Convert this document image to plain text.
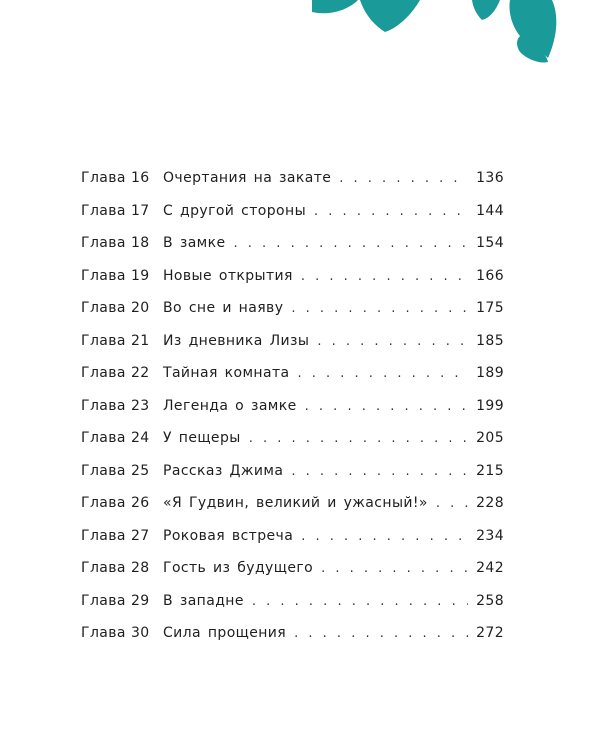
Глава 16 Очертания на закате . . .	136
Глава 17 С другой стороны . . .	144
Глава 18 В замке . . .	154
Глава 19 Новые открытия . . .	166
Глава 20 Во сне и наяву . . .	175
Глава 21 Из дневника Лизы . . .	185
Глава 22 Тайная комната . . .	189
Глава 23 Легенда о замке . . .	199
Глава 24 У пещеры . . .	205
Глава 25 Рассказ Джима . . .	215
Глава 26 «Я Гудвин, великий и ужасный!» . . .	228
Глава 27 Роковая встреча . . .	234
Глава 28 Гость из будущего . . .	242
Глава 29 В западне . . .	258
Глава 30 Сила прощения . . .	272
